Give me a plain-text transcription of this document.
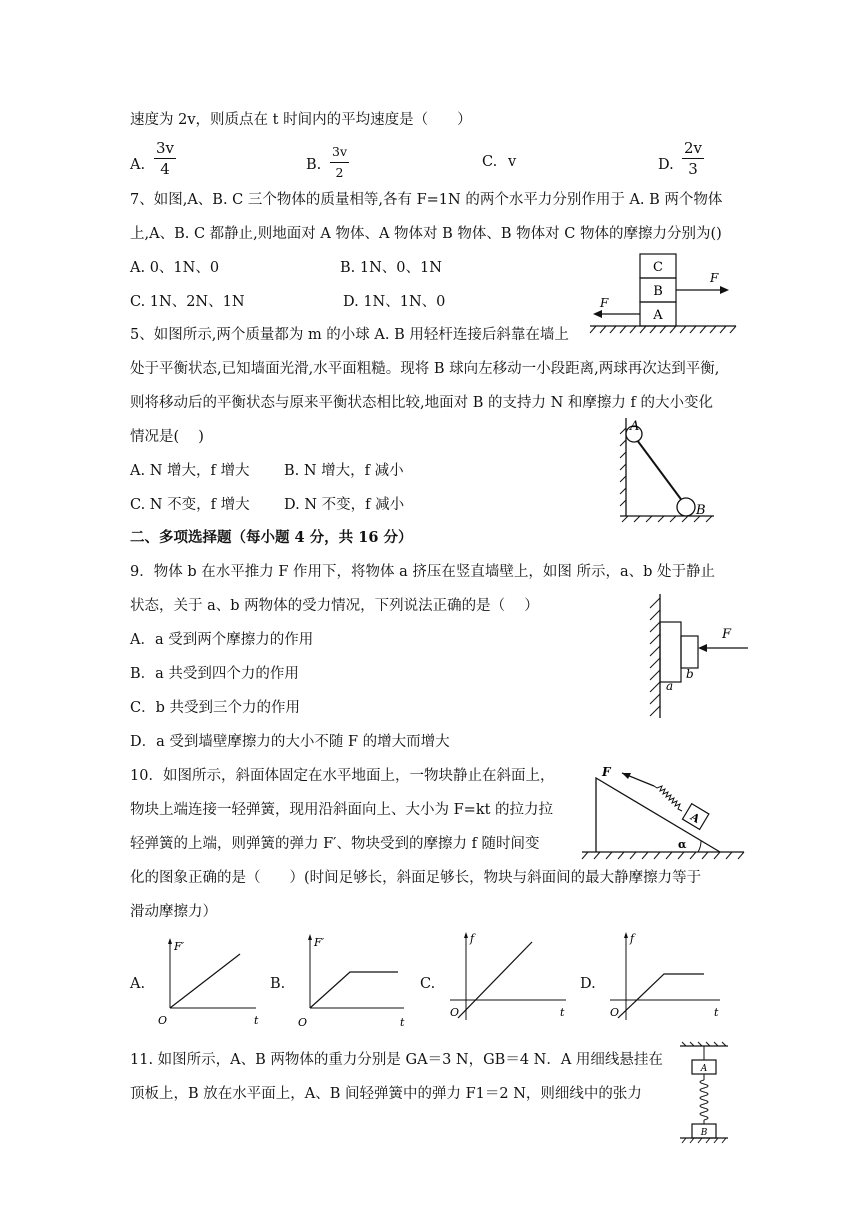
速度为 2v，则质点在 t 时间内的平均速度是（　　）
A. $\frac{3v}{4}$	B. $\frac{3v}{2}$	C. v	D. $\frac{2v}{3}$
7、如图,A、B. C 三个物体的质量相等,各有 F=1N 的两个水平力分别作用于 A. B 两个物体
上,A、B. C 都静止,则地面对 A 物体、A 物体对 B 物体、B 物体对 C 物体的摩擦力分别为()
A. 0、1N、0	B. 1N、0、1N
C. 1N、2N、1N	D. 1N、1N、0
C
B
A
F
F
5、如图所示,两个质量都为 m 的小球 A. B 用轻杆连接后斜靠在墙上
处于平衡状态,已知墙面光滑,水平面粗糙。现将 B 球向左移动一小段距离,两球再次达到平衡,
则将移动后的平衡状态与原来平衡状态相比较,地面对 B 的支持力 N 和摩擦力 f 的大小变化
情况是(　 )
A. N 增大，f 增大 B. N 增大，f 减小
C. N 不变，f 增大 D. N 不变，f 减小
A
B
二、多项选择题（每小题 4 分，共 16 分）
9．物体 b 在水平推力 F 作用下，将物体 a 挤压在竖直墙壁上，如图 所示，a、b 处于静止
状态，关于 a、b 两物体的受力情况，下列说法正确的是（　 ）
A．a 受到两个摩擦力的作用
B．a 共受到四个力的作用
C．b 共受到三个力的作用
D．a 受到墙壁摩擦力的大小不随 F 的增大而增大
F
a
b
10．如图所示，斜面体固定在水平地面上，一物块静止在斜面上，
物块上端连接一轻弹簧，现用沿斜面向上、大小为 F=kt 的拉力拉
轻弹簧的上端，则弹簧的弹力 F′、物块受到的摩擦力 f 随时间变
化的图象正确的是（　　）(时间足够长，斜面足够长，物块与斜面间的最大静摩擦力等于
滑动摩擦力）
α
A
F
A.
F′
t
O
B.
F′
t
O
C.
f
t
O
D.
f
t
O
11. 如图所示，A、B 两物体的重力分别是 GA＝3 N，GB＝4 N．A 用细线悬挂在
顶板上，B 放在水平面上，A、B 间轻弹簧中的弹力 F1＝2 N，则细线中的张力
A
B
